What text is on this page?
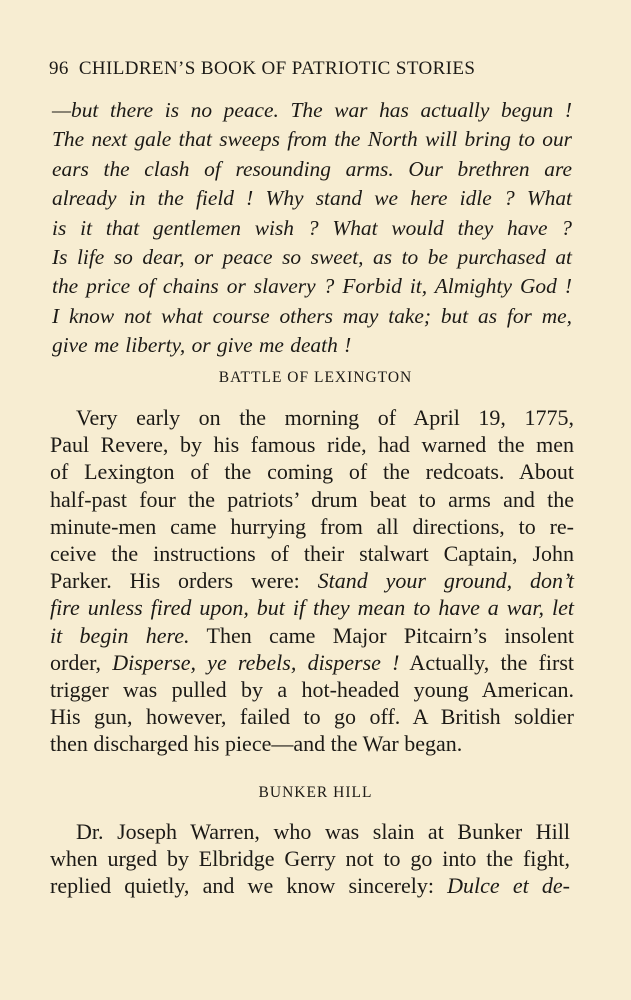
96 CHILDREN’S BOOK OF PATRIOTIC STORIES
—but there is no peace. The war has actually begun !
The next gale that sweeps from the North will bring to our
ears the clash of resounding arms. Our brethren are
already in the field ! Why stand we here idle ? What
is it that gentlemen wish ? What would they have ?
Is life so dear, or peace so sweet, as to be purchased at
the price of chains or slavery ? Forbid it, Almighty God !
I know not what course others may take; but as for me,
give me liberty, or give me death !
BATTLE OF LEXINGTON
Very early on the morning of April 19, 1775,
Paul Revere, by his famous ride, had warned the men
of Lexington of the coming of the redcoats. About
half-past four the patriots’ drum beat to arms and the
minute-men came hurrying from all directions, to re-
ceive the instructions of their stalwart Captain, John
Parker. His orders were: Stand your ground, don’t
fire unless fired upon, but if they mean to have a war, let
it begin here. Then came Major Pitcairn’s insolent
order, Disperse, ye rebels, disperse ! Actually, the first
trigger was pulled by a hot-headed young American.
His gun, however, failed to go off. A British soldier
then discharged his piece—and the War began.
BUNKER HILL
Dr. Joseph Warren, who was slain at Bunker Hill
when urged by Elbridge Gerry not to go into the fight,
replied quietly, and we know sincerely: Dulce et de-
